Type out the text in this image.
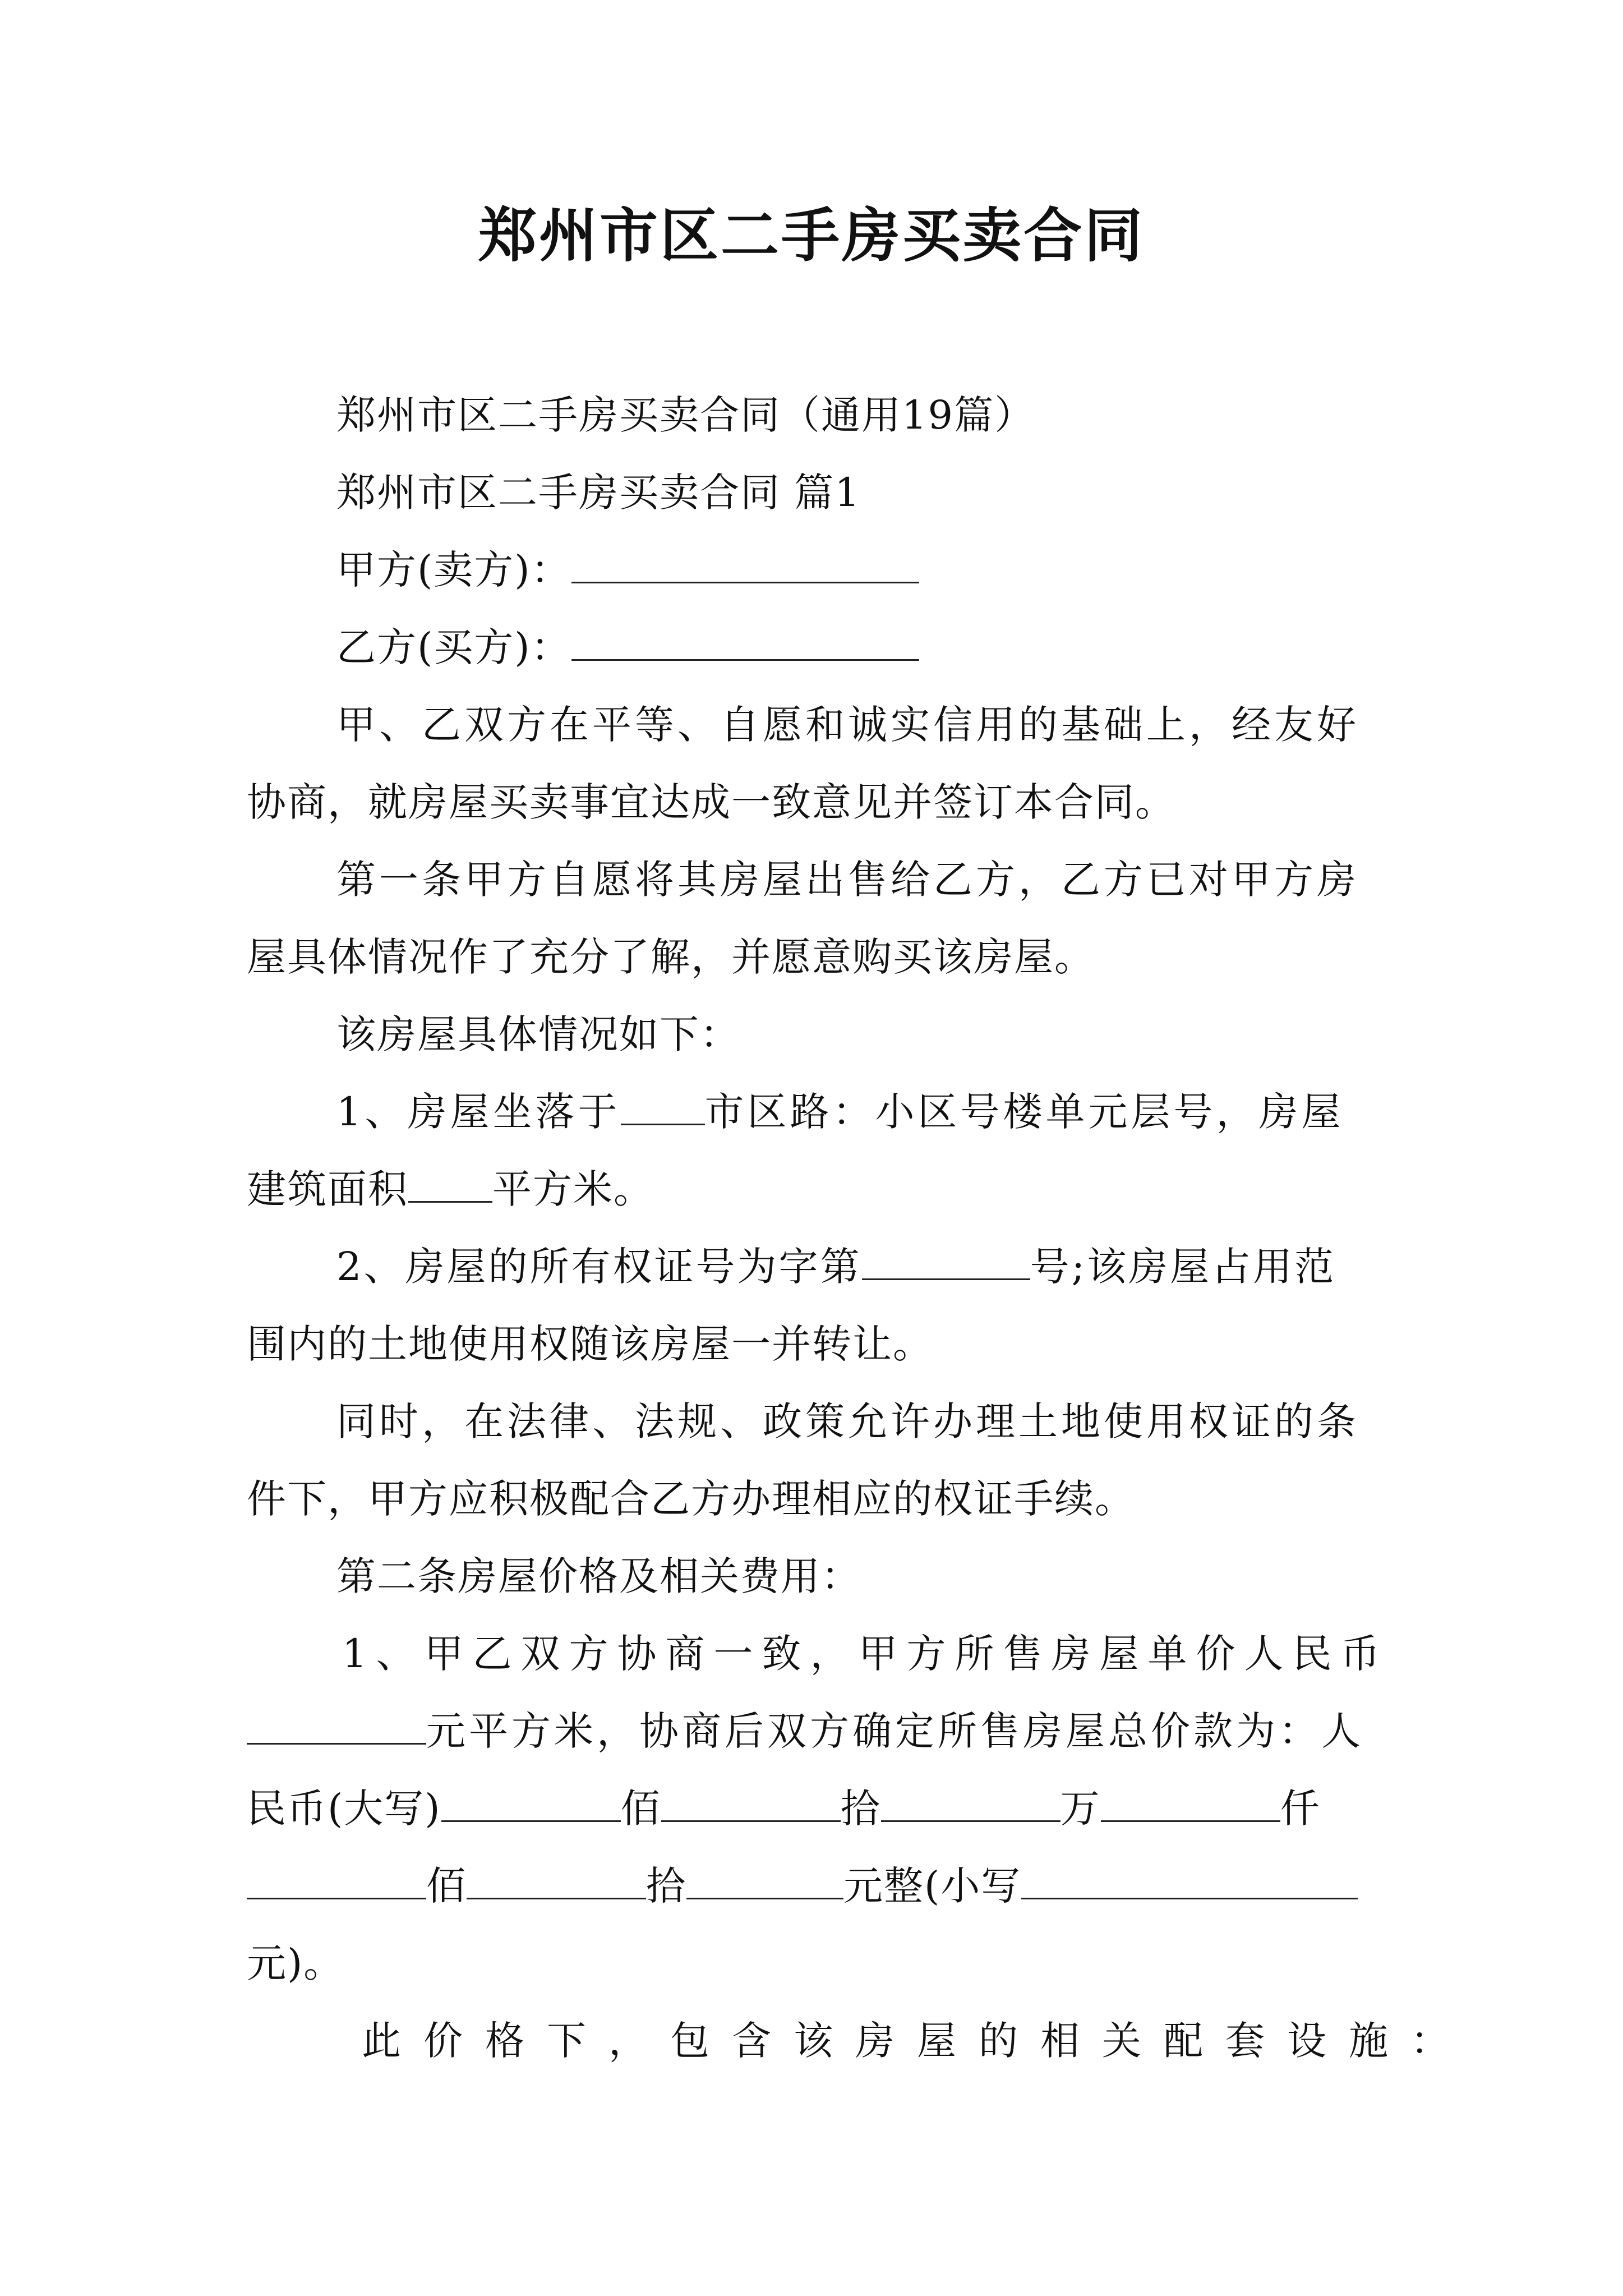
郑州市区二手房买卖合同
郑州市区二手房买卖合同（通用19篇）
郑州市区二手房买卖合同 篇1
甲方(卖方)：
乙方(买方)：
甲、乙双方在平等、自愿和诚实信用的基础上，经友好
协商，就房屋买卖事宜达成一致意见并签订本合同。
第一条甲方自愿将其房屋出售给乙方，乙方已对甲方房
屋具体情况作了充分了解，并愿意购买该房屋。
该房屋具体情况如下：
1、房屋坐落于 市区路：小区号楼单元层号，房屋
建筑面积 平方米。
2、房屋的所有权证号为字第	号;该房屋占用范
围内的土地使用权随该房屋一并转让。
同时，在法律、法规、政策允许办理土地使用权证的条
件下，甲方应积极配合乙方办理相应的权证手续。
第二条房屋价格及相关费用：
1、甲乙双方协商一致，甲方所售房屋单价人民币
元平方米，协商后双方确定所售房屋总价款为：人
民币(大写)	佰	拾	万	仟
佰	拾	元整(小写
元)。
此价格下，包含该房屋的相关配套设施：
